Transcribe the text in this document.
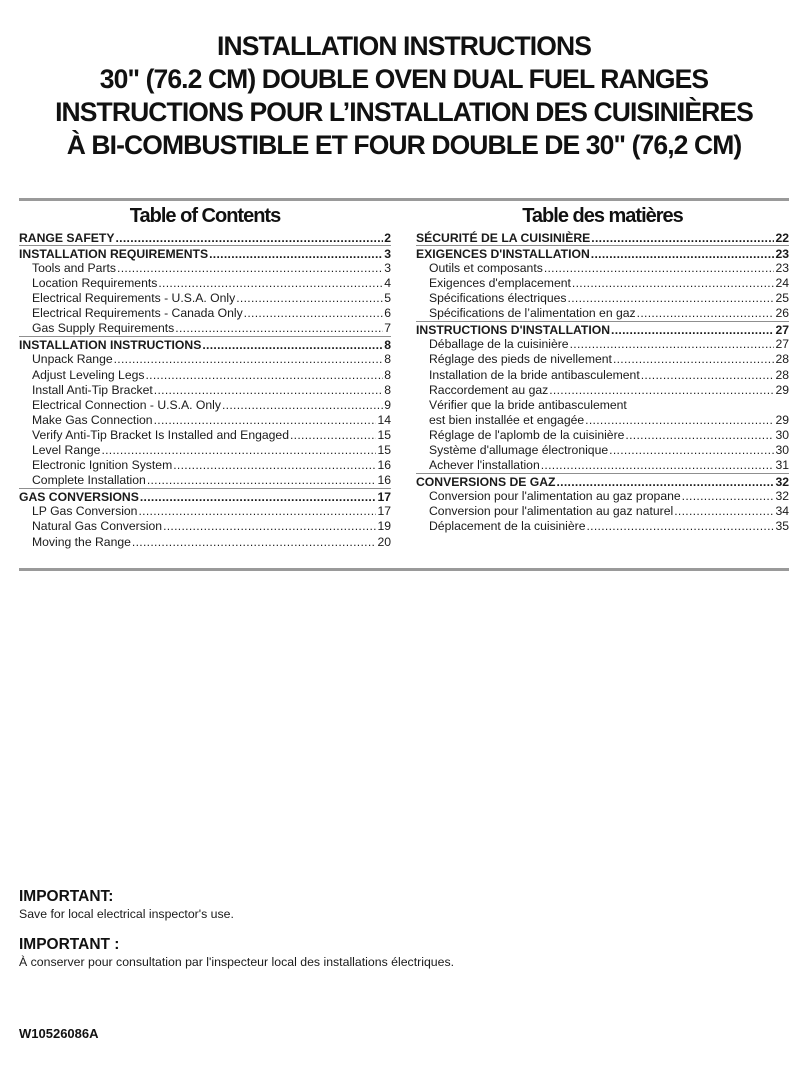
INSTALLATION INSTRUCTIONS
30" (76.2 CM) DOUBLE OVEN DUAL FUEL RANGES
INSTRUCTIONS POUR L’INSTALLATION DES CUISINIÈRES
À BI-COMBUSTIBLE ET FOUR DOUBLE DE 30" (76,2 CM)
Table of Contents
RANGE SAFETY .....	2
INSTALLATION REQUIREMENTS .....	3
Tools and Parts .....	3
Location Requirements .....	4
Electrical Requirements - U.S.A. Only .....	5
Electrical Requirements - Canada Only .....	6
Gas Supply Requirements .....	7
INSTALLATION INSTRUCTIONS .....	8
Unpack Range .....	8
Adjust Leveling Legs .....	8
Install Anti-Tip Bracket .....	8
Electrical Connection - U.S.A. Only .....	9
Make Gas Connection .....	14
Verify Anti-Tip Bracket Is Installed and Engaged .....	15
Level Range .....	15
Electronic Ignition System .....	16
Complete Installation .....	16
GAS CONVERSIONS .....	17
LP Gas Conversion .....	17
Natural Gas Conversion .....	19
Moving the Range .....	20
Table des matières
SÉCURITÉ DE LA CUISINIÈRE .....	22
EXIGENCES D'INSTALLATION .....	23
Outils et composants .....	23
Exigences d'emplacement .....	24
Spécifications électriques .....	25
Spécifications de l’alimentation en gaz .....	26
INSTRUCTIONS D'INSTALLATION .....	27
Déballage de la cuisinière .....	27
Réglage des pieds de nivellement .....	28
Installation de la bride antibasculement .....	28
Raccordement au gaz .....	29
Vérifier que la bride antibasculement
est bien installée et engagée .....	29
Réglage de l'aplomb de la cuisinière .....	30
Système d'allumage électronique .....	30
Achever l'installation .....	31
CONVERSIONS DE GAZ .....	32
Conversion pour l'alimentation au gaz propane .....	32
Conversion pour l'alimentation au gaz naturel .....	34
Déplacement de la cuisinière .....	35
IMPORTANT:
Save for local electrical inspector's use.
IMPORTANT :
À conserver pour consultation par l'inspecteur local des installations électriques.
W10526086A
